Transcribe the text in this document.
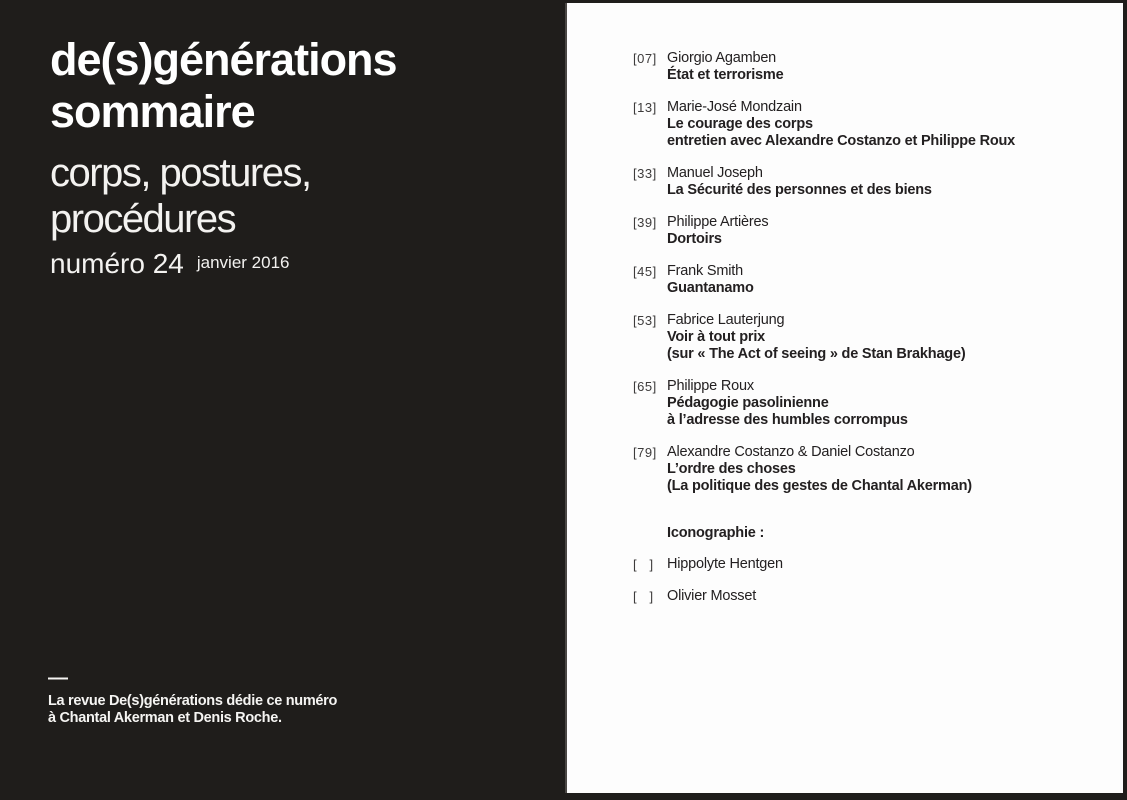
de(s)générations
sommaire
corps, postures,
procédures
numéro 24 janvier 2016
—
La revue De(s)générations dédie ce numéro
à Chantal Akerman et Denis Roche.
[07] Giorgio Agamben
État et terrorisme
[13] Marie-José Mondzain
Le courage des corps
entretien avec Alexandre Costanzo et Philippe Roux
[33] Manuel Joseph
La Sécurité des personnes et des biens
[39] Philippe Artières
Dortoirs
[45] Frank Smith
Guantanamo
[53] Fabrice Lauterjung
Voir à tout prix
(sur « The Act of seeing » de Stan Brakhage)
[65] Philippe Roux
Pédagogie pasolinienne
à l’adresse des humbles corrompus
[79] Alexandre Costanzo & Daniel Costanzo
L’ordre des choses
(La politique des gestes de Chantal Akerman)
Iconographie :
[   ] Hippolyte Hentgen
[   ] Olivier Mosset
